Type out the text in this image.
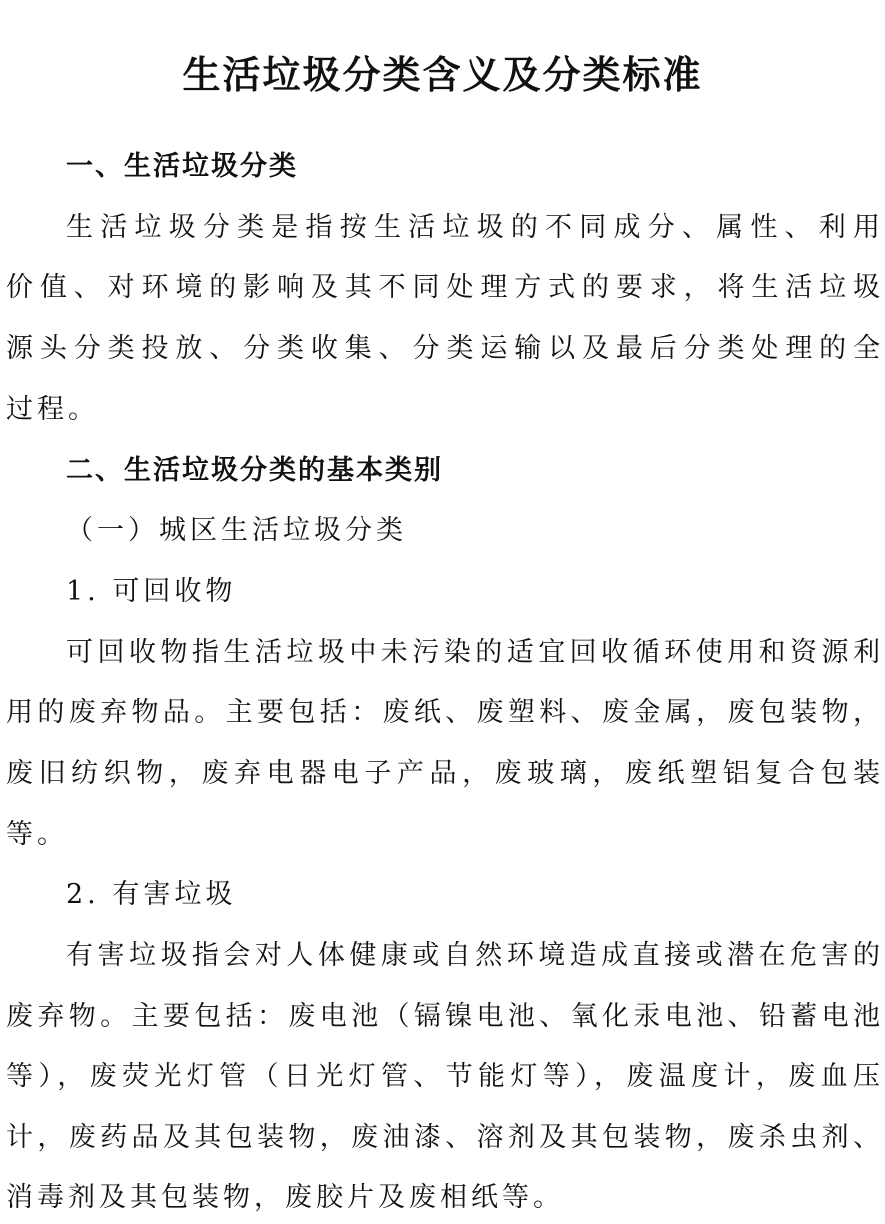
生活垃圾分类含义及分类标准
一、生活垃圾分类
生活垃圾分类是指按生活垃圾的不同成分、属性、利用
价值、对环境的影响及其不同处理方式的要求，将生活垃圾
源头分类投放、分类收集、分类运输以及最后分类处理的全
过程。
二、生活垃圾分类的基本类别
（一）城区生活垃圾分类
1. 可回收物
可回收物指生活垃圾中未污染的适宜回收循环使用和资源利
用的废弃物品。主要包括：废纸、废塑料、废金属，废包装物，
废旧纺织物，废弃电器电子产品，废玻璃，废纸塑铝复合包装
等。
2. 有害垃圾
有害垃圾指会对人体健康或自然环境造成直接或潜在危害的
废弃物。主要包括：废电池（镉镍电池、氧化汞电池、铅蓄电池
等），废荧光灯管（日光灯管、节能灯等），废温度计，废血压
计，废药品及其包装物，废油漆、溶剂及其包装物，废杀虫剂、
消毒剂及其包装物，废胶片及废相纸等。
